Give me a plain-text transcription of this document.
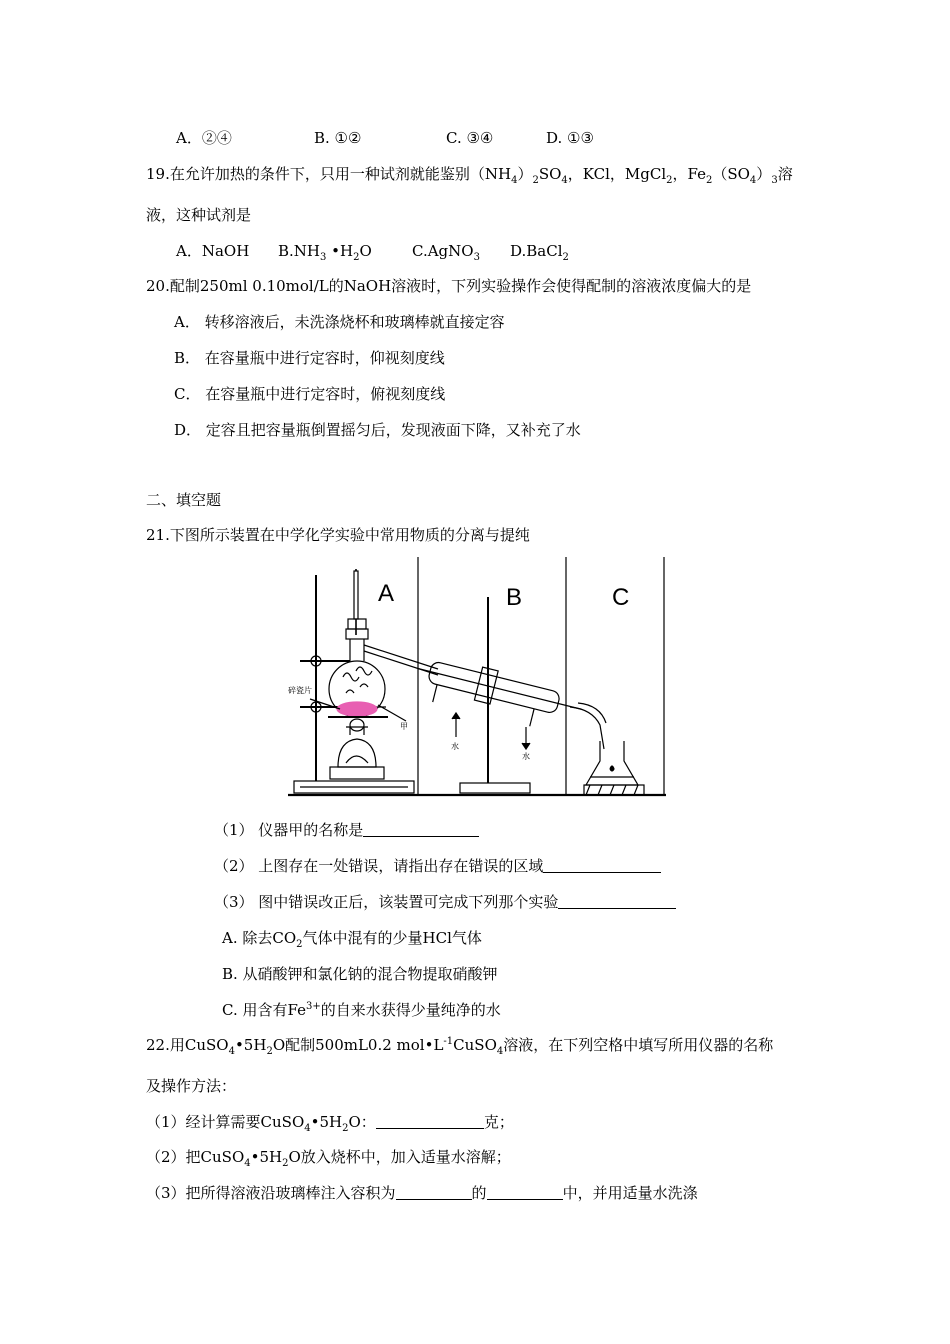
A．②④	B. ①②	C. ③④	D. ①③
19.在允许加热的条件下，只用一种试剂就能鉴别$(NH_4)_2SO_4$，KCl，MgCl$_2$，$Fe_2(SO_4)_3$溶
液，这种试剂是
A．NaOH $B.NH_3$ $•H_2O$	C.AgNO$_3$ D.BaCl$_2$
20.配制250ml 0.10mol/L的NaOH溶液时，下列实验操作会使得配制的溶液浓度偏大的是
A． 转移溶液后，未洗涤烧杯和玻璃棒就直接定容
B． 在容量瓶中进行定容时，仰视刻度线
C． 在容量瓶中进行定容时，俯视刻度线
D． 定容且把容量瓶倒置摇匀后，发现液面下降，又补充了水
二、填空题
21.下图所示装置在中学化学实验中常用物质的分离与提纯
A	B	C
碎瓷片
甲
水
水
（1） 仪器甲的名称是
（2） 上图存在一处错误，请指出存在错误的区域
（3） 图中错误改正后，该装置可完成下列那个实验
A. 除去$CO_2$气体中混有的少量HCl气体
B. 从硝酸钾和氯化钠的混合物提取硝酸钾
C. 用含有$Fe^{3+}$的自来水获得少量纯净的水
22.用$CuSO_4•5H_2O$配制500mL0.2 $mol•L^{-1}CuSO_4$溶液，在下列空格中填写所用仪器的名称
及操作方法：
（1）经计算需要$CuSO_4•5H_2O$：	克；
（2）把$CuSO_4•5H_2O$放入烧杯中，加入适量水溶解；
（3）把所得溶液沿玻璃棒注入容积为	的	中，并用适量水洗涤
